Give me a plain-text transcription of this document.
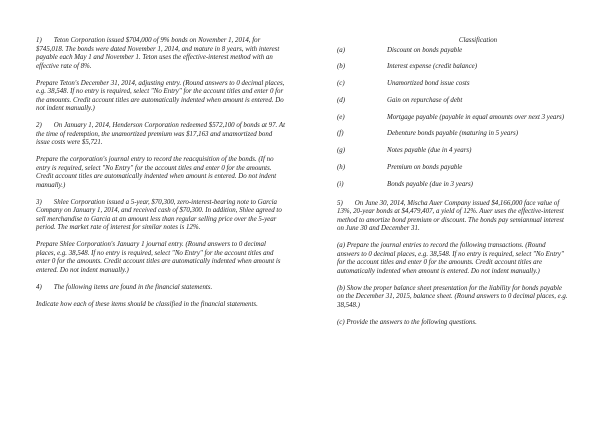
1)       Teton Corporation issued $704,000 of 9% bonds on November 1, 2014, for $745,018. The bonds were dated November 1, 2014, and mature in 8 years, with interest payable each May 1 and November 1. Teton uses the effective-interest method with an effective rate of 8%.

Prepare Teton's December 31, 2014, adjusting entry. (Round answers to 0 decimal places, e.g. 38,548. If no entry is required, select "No Entry" for the account titles and enter 0 for the amounts. Credit account titles are automatically indented when amount is entered. Do not indent manually.)

2)       On January 1, 2014, Henderson Corporation redeemed $572,100 of bonds at 97. At the time of redemption, the unamortized premium was $17,163 and unamortized bond issue costs were $5,721.

Prepare the corporation's journal entry to record the reacquisition of the bonds. (If no entry is required, select "No Entry" for the account titles and enter 0 for the amounts. Credit account titles are automatically indented when amount is entered. Do not indent manually.)

3)       Shlee Corporation issued a 5-year, $70,300, zero-interest-bearing note to Garcia Company on January 1, 2014, and received cash of $70,300. In addition, Shlee agreed to sell merchandise to Garcia at an amount less than regular selling price over the 5-year period. The market rate of interest for similar notes is 12%.

Prepare Shlee Corporation's January 1 journal entry. (Round answers to 0 decimal places, e.g. 38,548. If no entry is required, select "No Entry" for the account titles and enter 0 for the amounts. Credit account titles are automatically indented when amount is entered. Do not indent manually.)

4)       The following items are found in the financial statements.

Indicate how each of these items should be classified in the financial statements.

Classification
(a)	Discount on bonds payable
(b)	Interest expense (credit balance)
(c)	Unamortized bond issue costs
(d)	Gain on repurchase of debt
(e)	Mortgage payable (payable in equal amounts over next 3 years)
(f)	Debenture bonds payable (maturing in 5 years)
(g)	Notes payable (due in 4 years)
(h)	Premium on bonds payable
(i)	Bonds payable (due in 3 years)

5)       On June 30, 2014, Mischa Auer Company issued $4,166,000 face value of 13%, 20-year bonds at $4,479,407, a yield of 12%. Auer uses the effective-interest method to amortize bond premium or discount. The bonds pay semiannual interest on June 30 and December 31.

(a) Prepare the journal entries to record the following transactions. (Round answers to 0 decimal places, e.g. 38,548. If no entry is required, select "No Entry" for the account titles and enter 0 for the amounts. Credit account titles are automatically indented when amount is entered. Do not indent manually.)

(b) Show the proper balance sheet presentation for the liability for bonds payable on the December 31, 2015, balance sheet. (Round answers to 0 decimal places, e.g. 38,548.)

(c) Provide the answers to the following questions.
